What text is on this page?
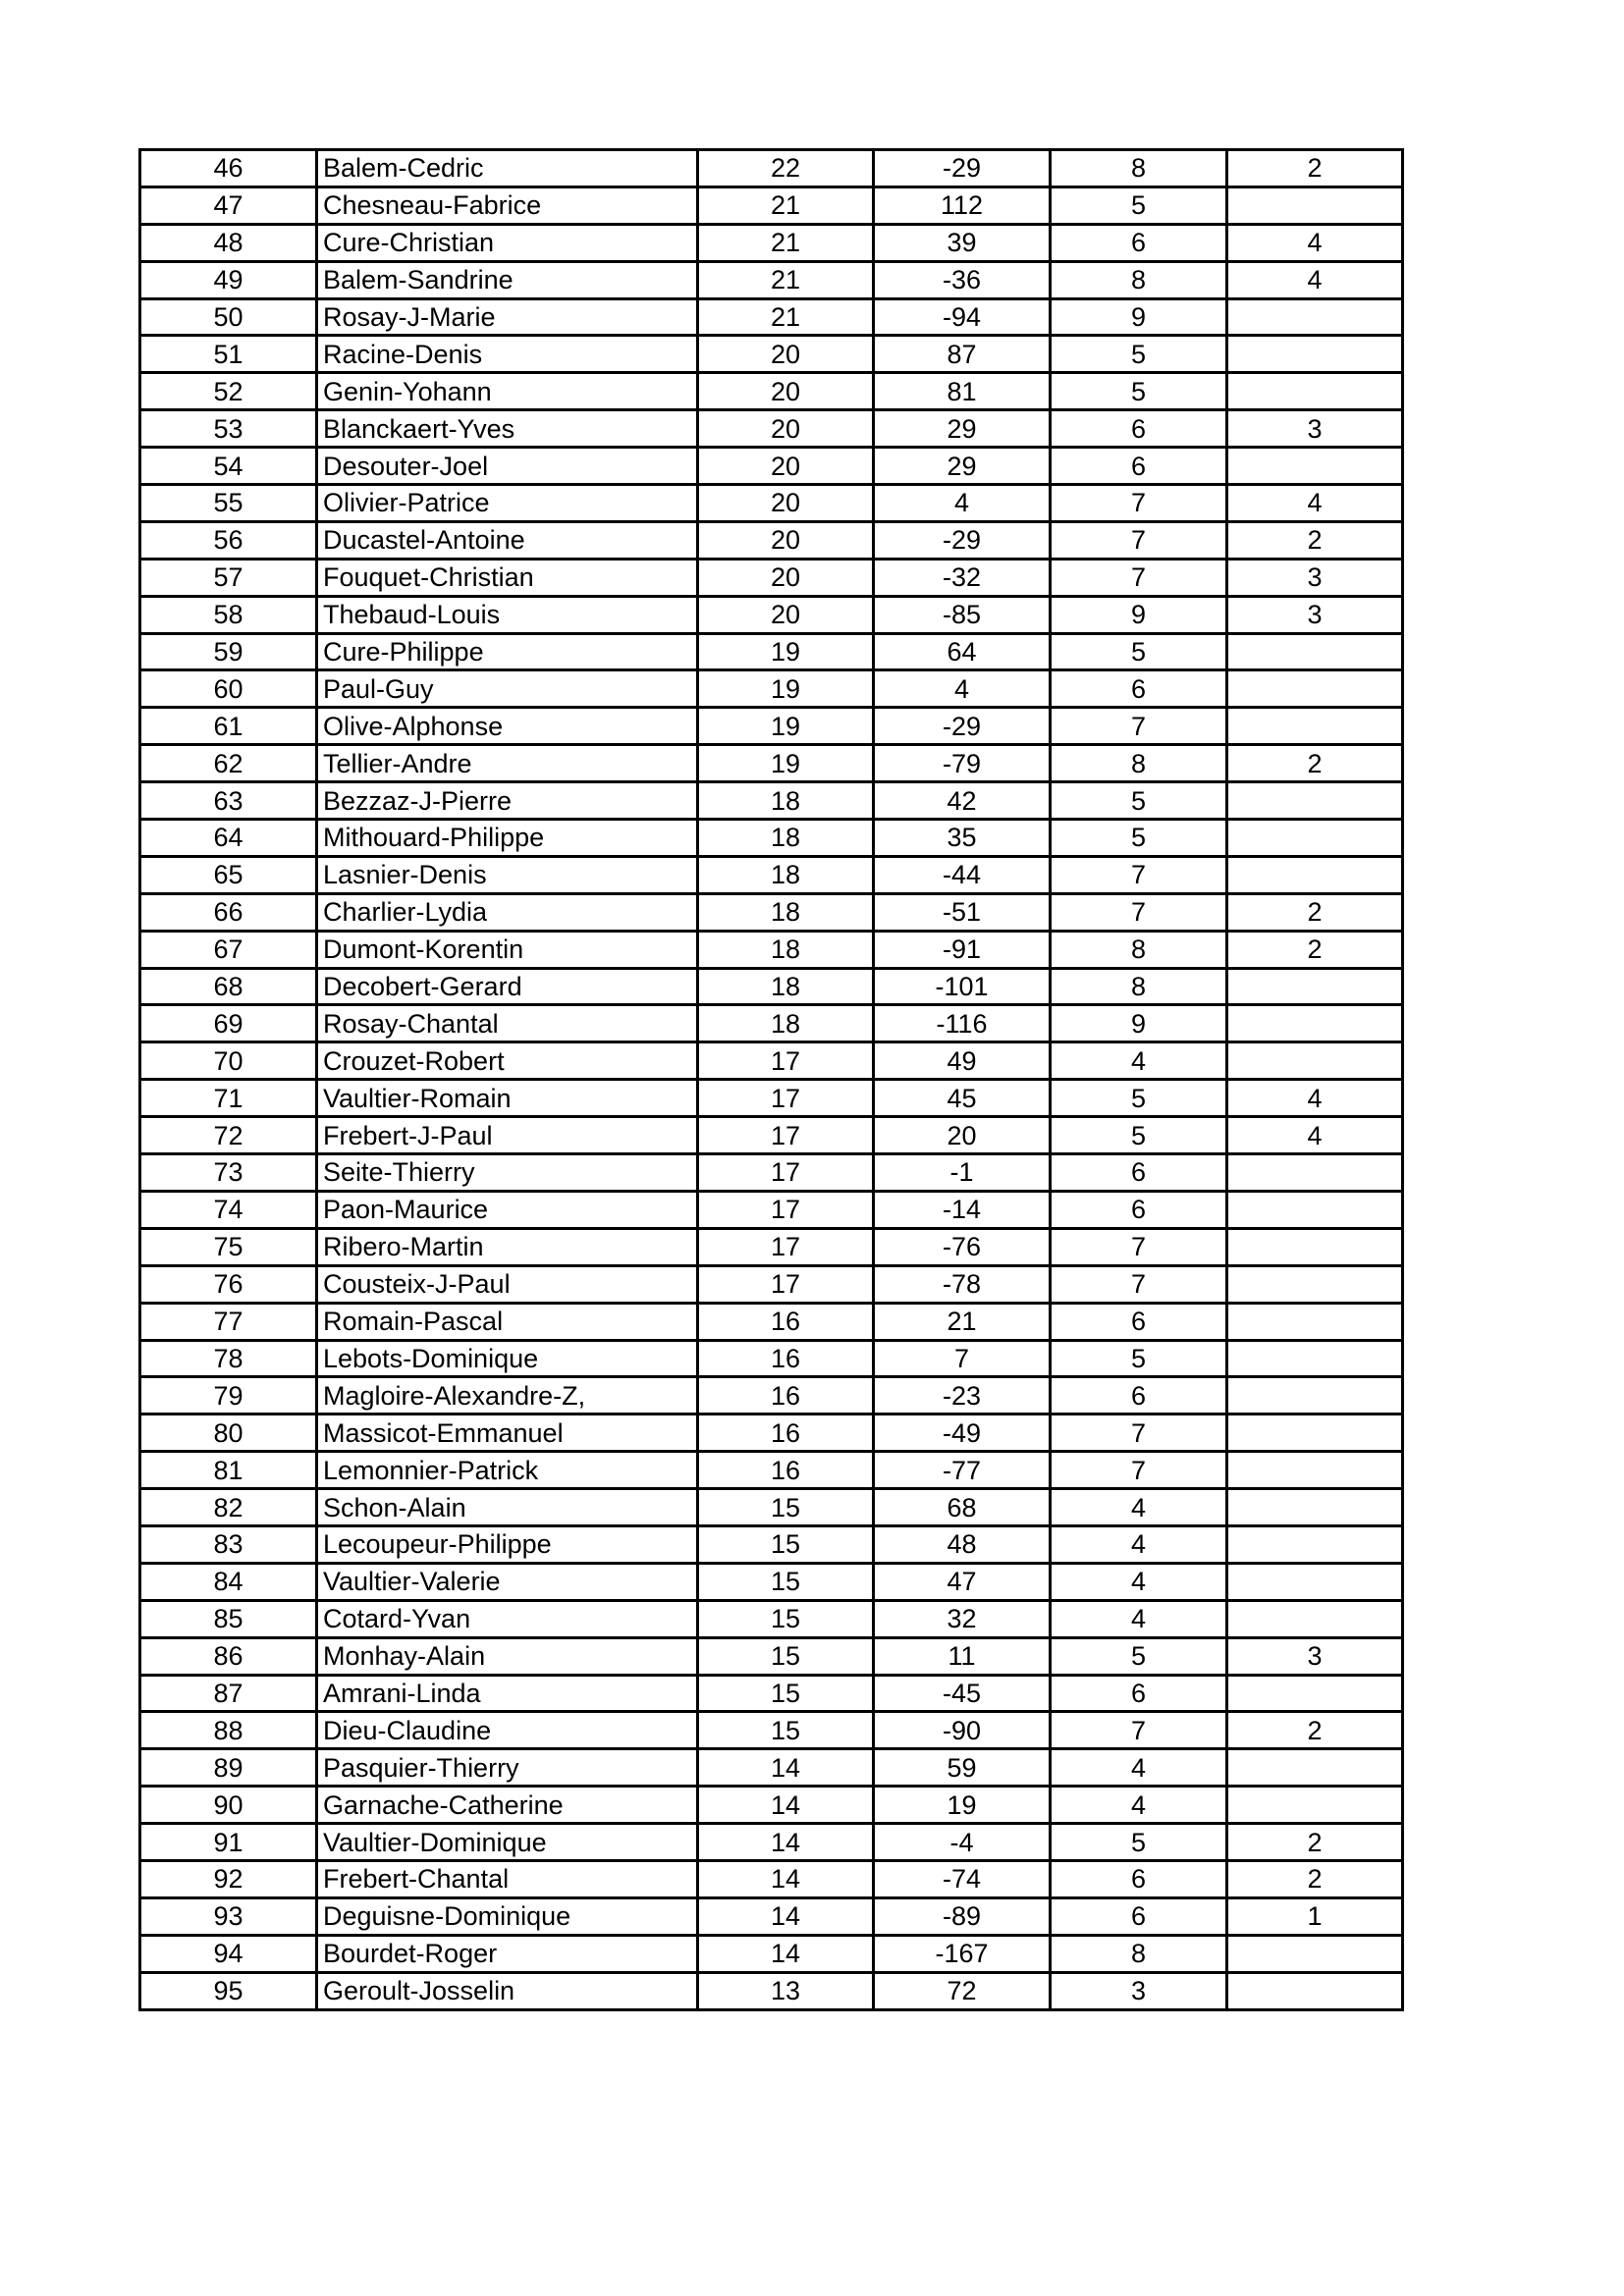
46	Balem-Cedric	22	-29	8	2
47	Chesneau-Fabrice	21	112	5	
48	Cure-Christian	21	39	6	4
49	Balem-Sandrine	21	-36	8	4
50	Rosay-J-Marie	21	-94	9	
51	Racine-Denis	20	87	5	
52	Genin-Yohann	20	81	5	
53	Blanckaert-Yves	20	29	6	3
54	Desouter-Joel	20	29	6	
55	Olivier-Patrice	20	4	7	4
56	Ducastel-Antoine	20	-29	7	2
57	Fouquet-Christian	20	-32	7	3
58	Thebaud-Louis	20	-85	9	3
59	Cure-Philippe	19	64	5	
60	Paul-Guy	19	4	6	
61	Olive-Alphonse	19	-29	7	
62	Tellier-Andre	19	-79	8	2
63	Bezzaz-J-Pierre	18	42	5	
64	Mithouard-Philippe	18	35	5	
65	Lasnier-Denis	18	-44	7	
66	Charlier-Lydia	18	-51	7	2
67	Dumont-Korentin	18	-91	8	2
68	Decobert-Gerard	18	-101	8	
69	Rosay-Chantal	18	-116	9	
70	Crouzet-Robert	17	49	4	
71	Vaultier-Romain	17	45	5	4
72	Frebert-J-Paul	17	20	5	4
73	Seite-Thierry	17	-1	6	
74	Paon-Maurice	17	-14	6	
75	Ribero-Martin	17	-76	7	
76	Cousteix-J-Paul	17	-78	7	
77	Romain-Pascal	16	21	6	
78	Lebots-Dominique	16	7	5	
79	Magloire-Alexandre-Z,	16	-23	6	
80	Massicot-Emmanuel	16	-49	7	
81	Lemonnier-Patrick	16	-77	7	
82	Schon-Alain	15	68	4	
83	Lecoupeur-Philippe	15	48	4	
84	Vaultier-Valerie	15	47	4	
85	Cotard-Yvan	15	32	4	
86	Monhay-Alain	15	11	5	3
87	Amrani-Linda	15	-45	6	
88	Dieu-Claudine	15	-90	7	2
89	Pasquier-Thierry	14	59	4	
90	Garnache-Catherine	14	19	4	
91	Vaultier-Dominique	14	-4	5	2
92	Frebert-Chantal	14	-74	6	2
93	Deguisne-Dominique	14	-89	6	1
94	Bourdet-Roger	14	-167	8	
95	Geroult-Josselin	13	72	3	
